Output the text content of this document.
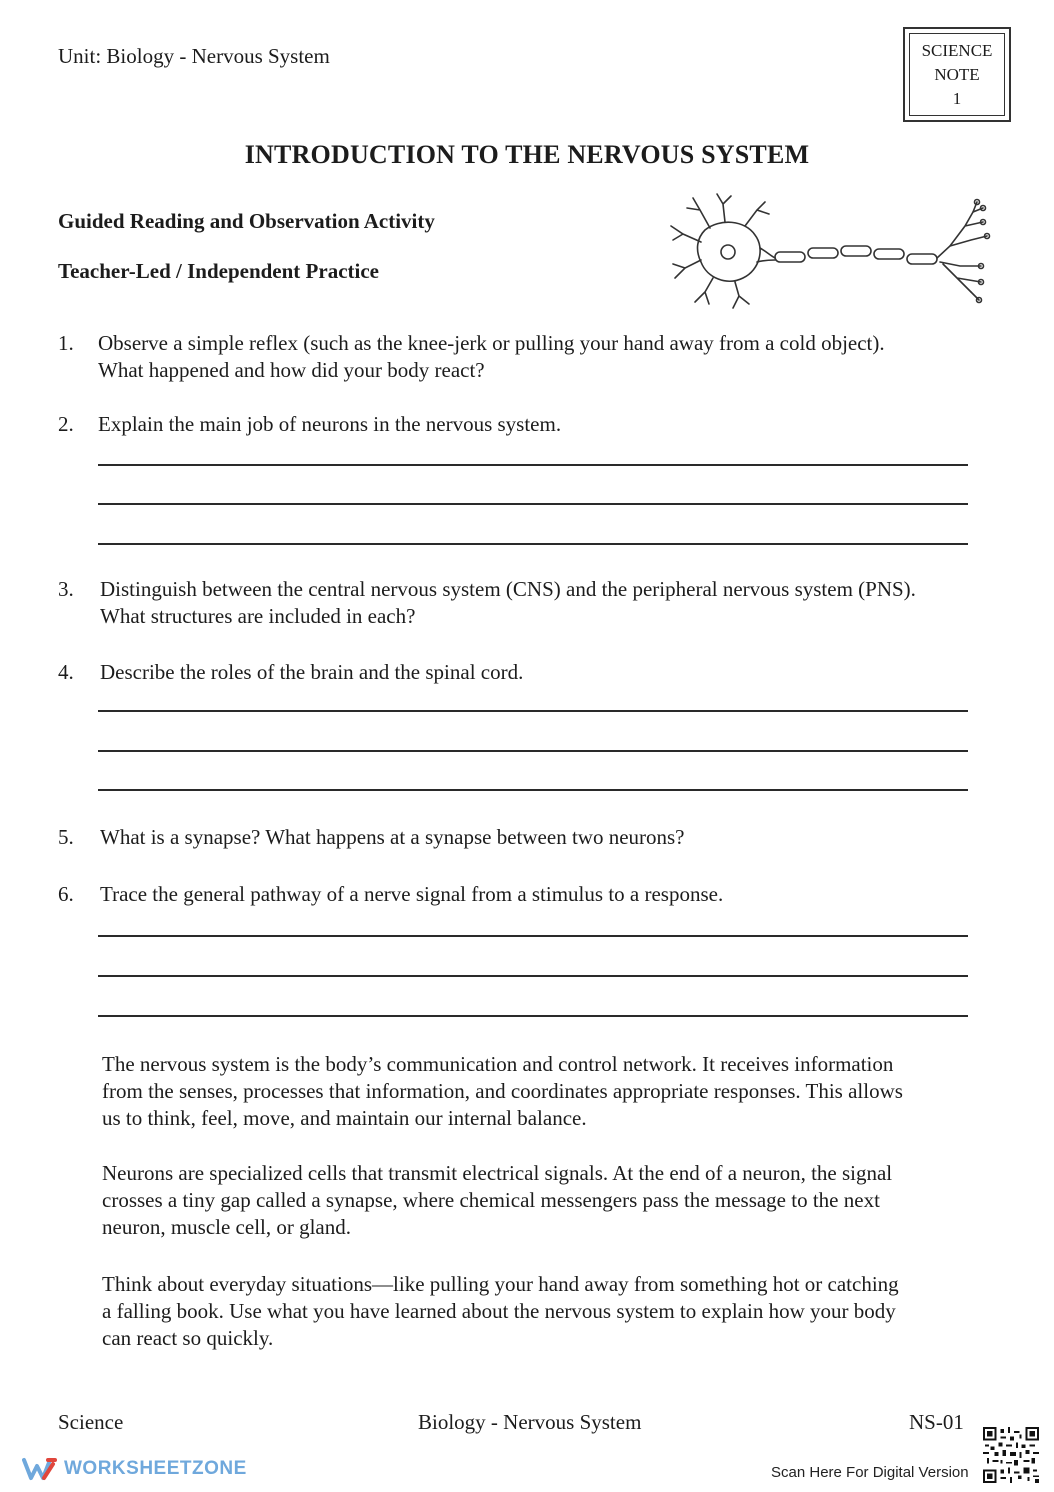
Unit: Biology - Nervous System	SCIENCE
NOTE
1
INTRODUCTION TO THE NERVOUS SYSTEM
Guided Reading and Observation Activity
Teacher-Led / Independent Practice
1. Observe a simple reflex (such as the knee-jerk or pulling your hand away from a cold object).
What happened and how did your body react?
2. Explain the main job of neurons in the nervous system.
3. Distinguish between the central nervous system (CNS) and the peripheral nervous system (PNS).
What structures are included in each?
4. Describe the roles of the brain and the spinal cord.
5. What is a synapse? What happens at a synapse between two neurons?
6. Trace the general pathway of a nerve signal from a stimulus to a response.
The nervous system is the body’s communication and control network. It receives information
from the senses, processes that information, and coordinates appropriate responses. This allows
us to think, feel, move, and maintain our internal balance.
Neurons are specialized cells that transmit electrical signals. At the end of a neuron, the signal
crosses a tiny gap called a synapse, where chemical messengers pass the message to the next
neuron, muscle cell, or gland.
Think about everyday situations—like pulling your hand away from something hot or catching
a falling book. Use what you have learned about the nervous system to explain how your body
can react so quickly.
Science	Biology - Nervous System	NS-01
WORKSHEETZONE	Scan Here For Digital Version
